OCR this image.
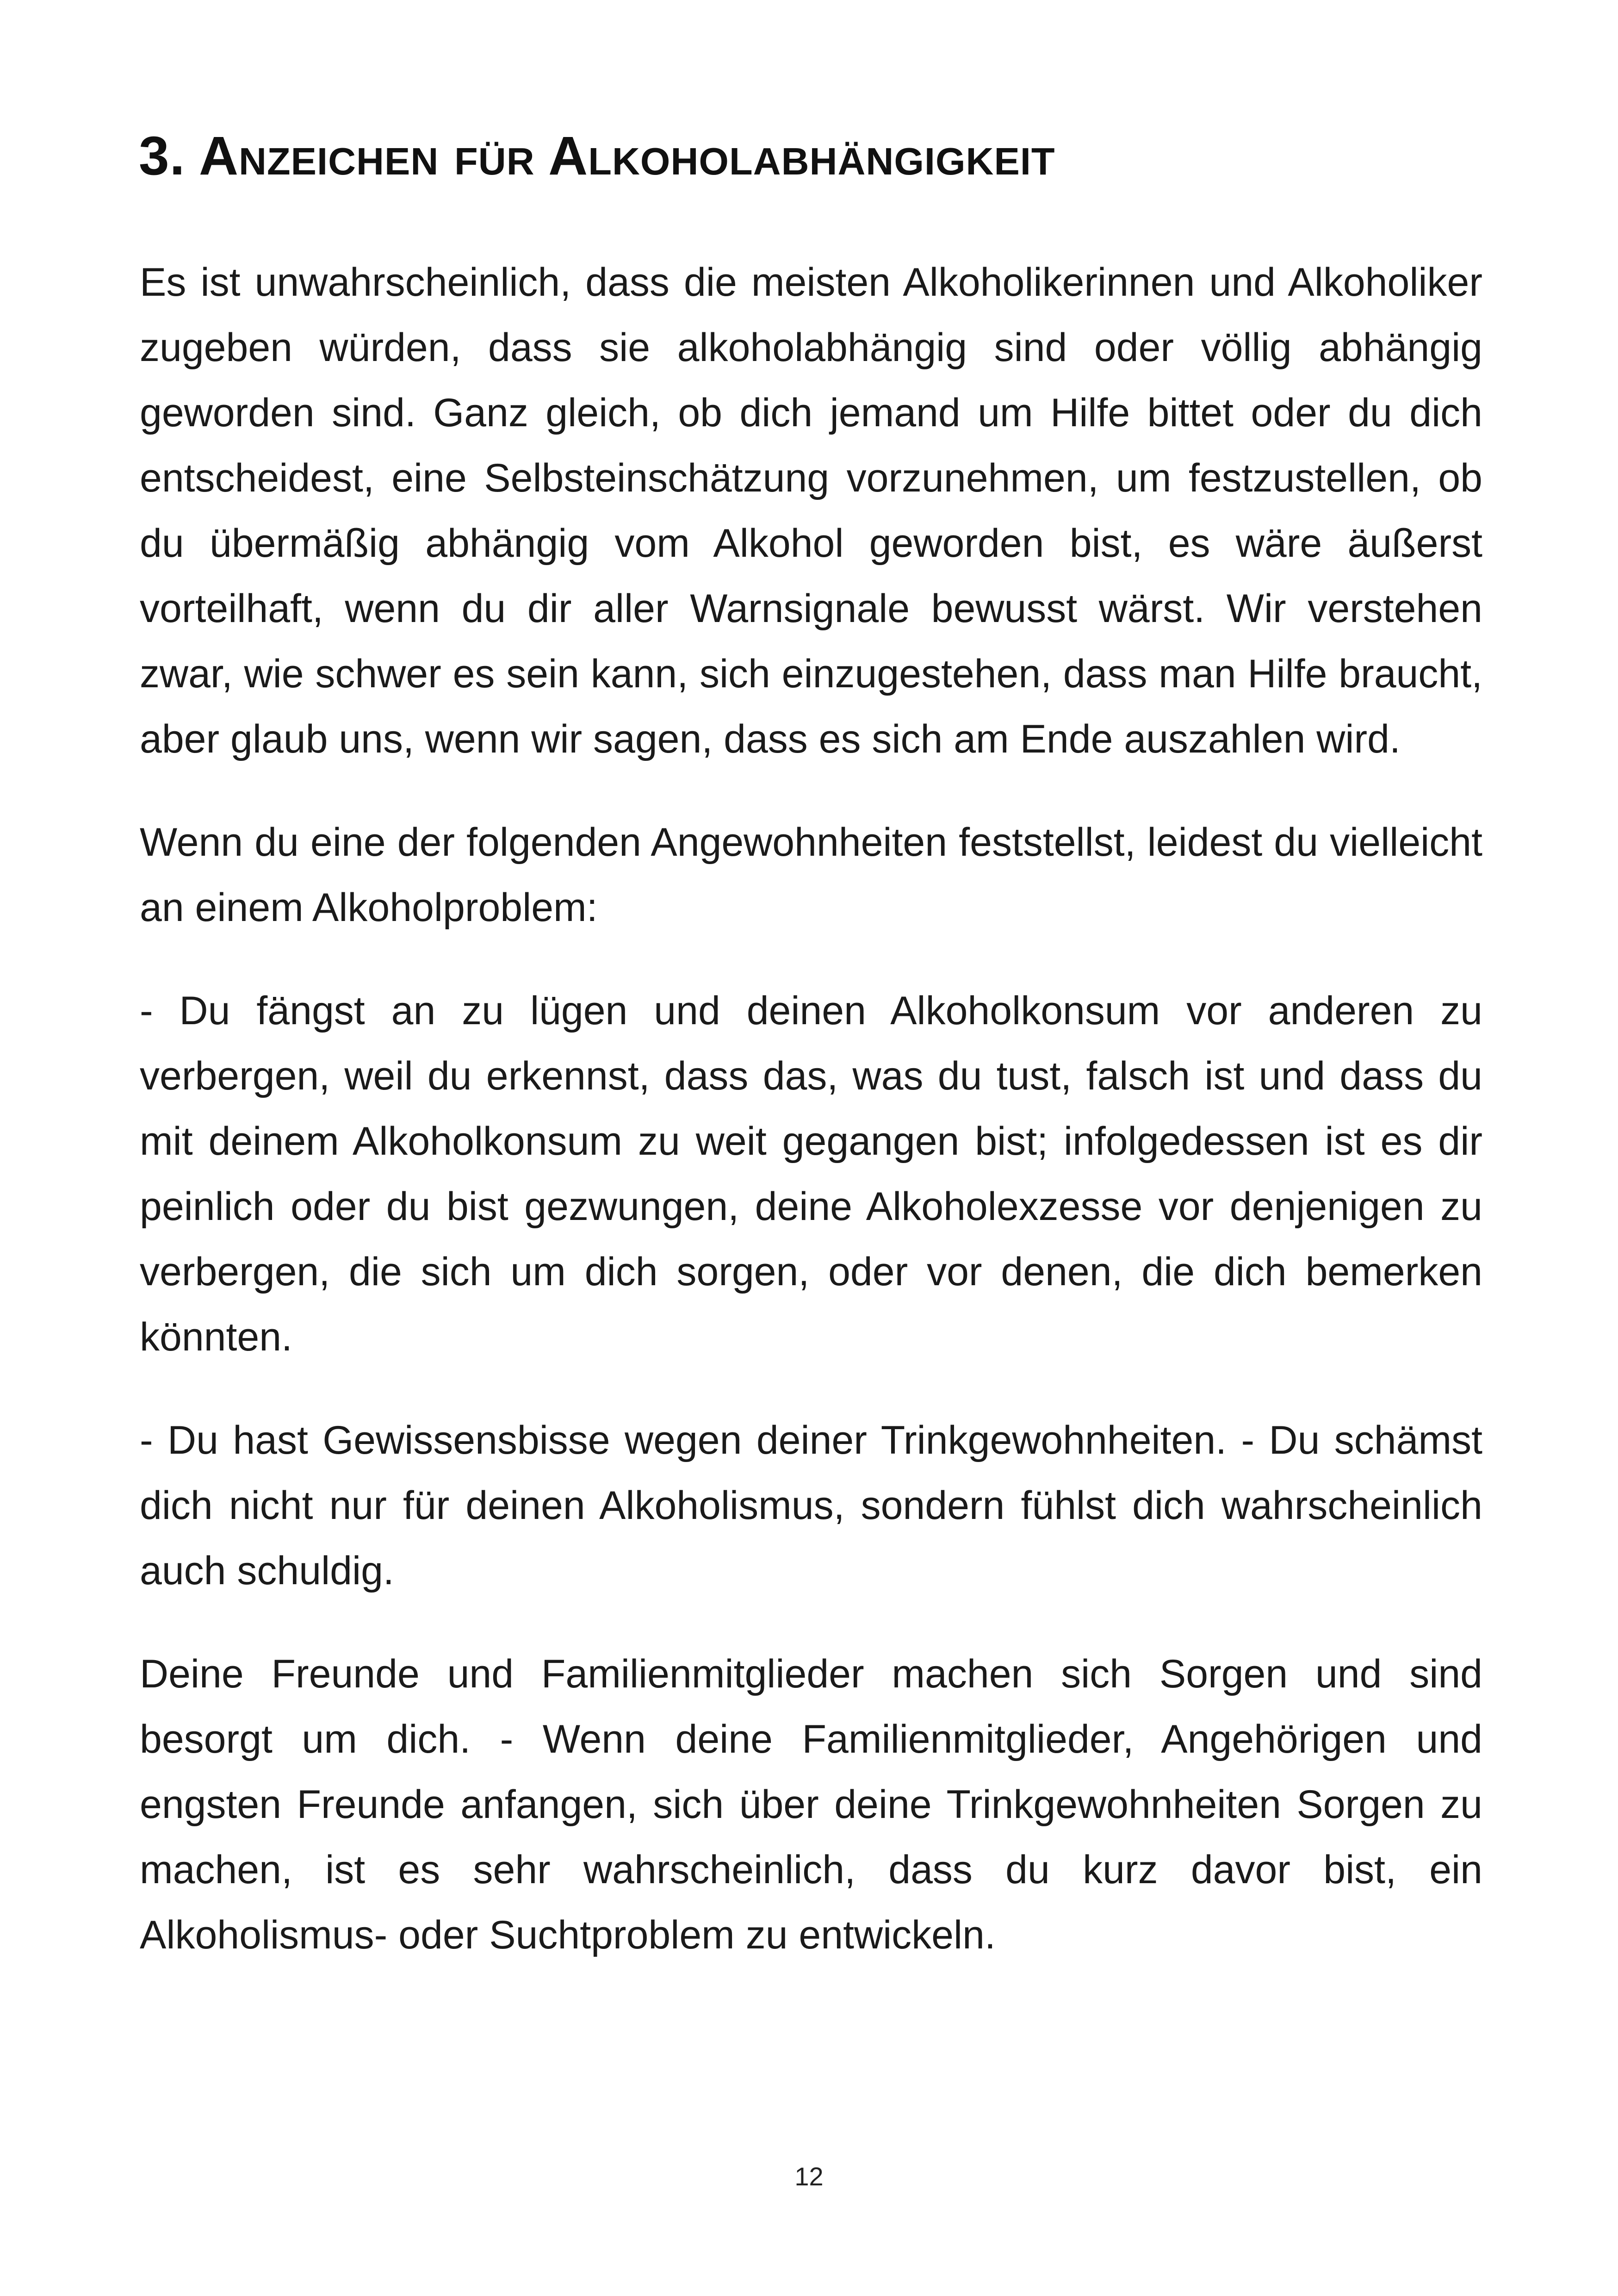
3. Anzeichen für Alkoholabhängigkeit

Es ist unwahrscheinlich, dass die meisten Alkoholikerinnen und Alkoholiker zugeben würden, dass sie alkoholabhängig sind oder völlig abhängig geworden sind. Ganz gleich, ob dich jemand um Hilfe bittet oder du dich entscheidest, eine Selbsteinschätzung vorzunehmen, um festzustellen, ob du übermäßig abhängig vom Alkohol geworden bist, es wäre äußerst vorteilhaft, wenn du dir aller Warnsignale bewusst wärst. Wir verstehen zwar, wie schwer es sein kann, sich einzugestehen, dass man Hilfe braucht, aber glaub uns, wenn wir sagen, dass es sich am Ende auszahlen wird.

Wenn du eine der folgenden Angewohnheiten feststellst, leidest du vielleicht an einem Alkoholproblem:

- Du fängst an zu lügen und deinen Alkoholkonsum vor anderen zu verbergen, weil du erkennst, dass das, was du tust, falsch ist und dass du mit deinem Alkoholkonsum zu weit gegangen bist; infolgedessen ist es dir peinlich oder du bist gezwungen, deine Alkoholexzesse vor denjenigen zu verbergen, die sich um dich sorgen, oder vor denen, die dich bemerken könnten.

- Du hast Gewissensbisse wegen deiner Trinkgewohnheiten. - Du schämst dich nicht nur für deinen Alkoholismus, sondern fühlst dich wahrscheinlich auch schuldig.

Deine Freunde und Familienmitglieder machen sich Sorgen und sind besorgt um dich. - Wenn deine Familienmitglieder, Angehörigen und engsten Freunde anfangen, sich über deine Trinkgewohnheiten Sorgen zu machen, ist es sehr wahrscheinlich, dass du kurz davor bist, ein Alkoholismus- oder Suchtproblem zu entwickeln.

12
